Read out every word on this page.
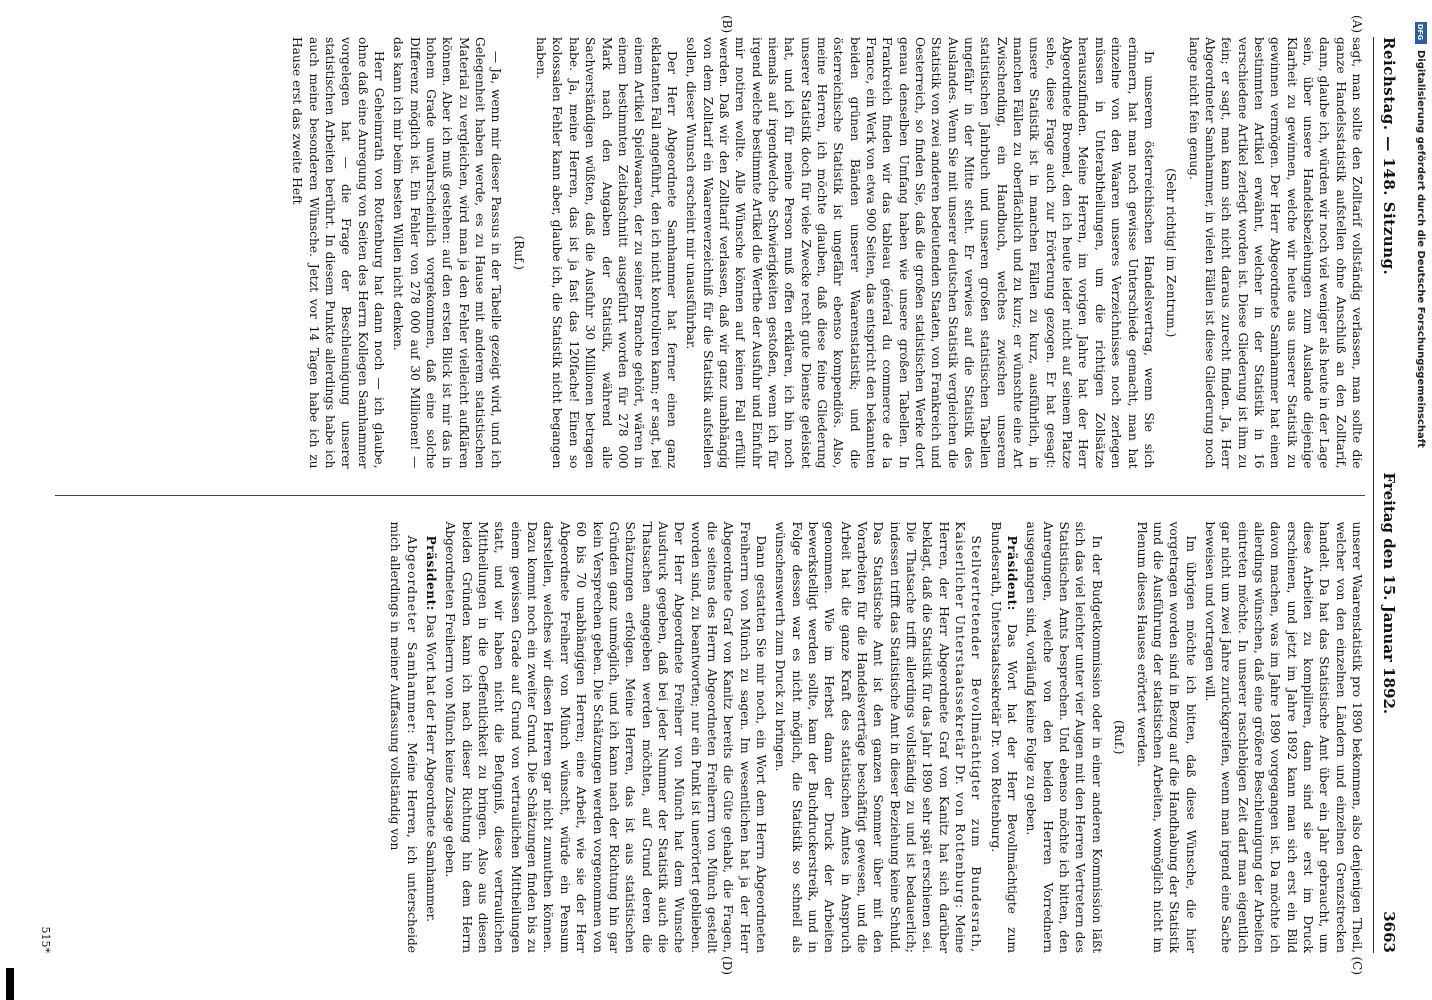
Reichstag. — 148. Sitzung.
Freitag den 15. Januar 1892.
3663
(A)
(B)

sagt, man sollte den Zolltarif vollständig verlassen, man sollte die ganze Handelsstatistik aufstellen ohne Anschluß an den Zolltarif, dann, glaube ich, würden wir noch viel weniger als heute in der Lage sein, über unsere Handelsbeziehungen zum Auslande diejenige Klarheit zu gewinnen, welche wir heute aus unserer Statistik zu gewinnen vermögen. Der Herr Abgeordnete Samhammer hat einen bestimmten Artikel erwähnt, welcher in der Statistik in 16 verschiedene Artikel zerlegt worden ist. Diese Gliederung ist ihm zu fein; er sagt, man kann sich nicht daraus zurecht finden. Ja, Herr Abgeordneter Samhammer, in vielen Fällen ist diese Gliederung noch lange nicht fein genug.

(Sehr richtig! im Zentrum.)

In unserem österreichischen Handelsvertrag, wenn Sie sich erinnern, hat man noch gewisse Unterschiede gemacht, man hat einzelne von den Waaren unseres Verzeichnisses noch zerlegen müssen in Unterabtheilungen, um die richtigen Zollsätze herauszufinden. Meine Herren, im vorigen Jahre hat der Herr Abgeordnete Broemel, den ich heute leider nicht auf seinem Platze sehe, diese Frage auch zur Erörterung gezogen. Er hat gesagt: unsere Statistik ist in manchen Fällen zu kurz, ausführlich, in manchen Fällen zu oberflächlich und zu kurz; er wünschte eine Art Zwischending, ein Handbuch, welches zwischen unserem statistischen Jahrbuch und unseren großen statistischen Tabellen ungefähr in der Mitte steht. Er verwies auf die Statistik des Auslandes. Wenn Sie mit unserer deutschen Statistik vergleichen die Statistik von zwei anderen bedeutenden Staaten, von Frankreich und Oesterreich, so finden Sie, daß die großen statistischen Werke dort genau denselben Umfang haben wie unsere großen Tabellen. In Frankreich finden wir das tableau général du commerce de la France, ein Werk von etwa 900 Seiten, das entspricht den bekannten beiden grünen Bänden unserer Waarenstatistik; und die österreichische Statistik ist ungefähr ebenso kompendiös. Also, meine Herren, ich möchte glauben, daß diese feine Gliederung unserer Statistik doch für viele Zwecke recht gute Dienste geleistet hat, und ich für meine Person muß offen erklären, ich bin noch niemals auf irgendwelche Schwierigkeiten gestoßen, wenn ich für irgend welche bestimmte Artikel die Werthe der Ausfuhr und Einfuhr mir notiren wollte. Alle Wünsche können auf keinen Fall erfüllt werden. Daß wir den Zolltarif verlassen, daß wir ganz unabhängig von dem Zolltarif ein Waarenverzeichniß für die Statistik aufstellen sollen, dieser Wunsch erscheint mir unausführbar.

Der Herr Abgeordnete Samhammer hat ferner einen ganz eklatanten Fall angeführt, den ich nicht kontroliren kann; er sagt, bei einem Artikel Spielwaaren, der zu seiner Branche gehört, wären in einem bestimmten Zeitabschnitt ausgeführt worden für 278 000 Mark nach den Angaben der Statistik, während alle Sachverständigen wüßten, daß die Ausfuhr 30 Millionen betragen habe. Ja, meine Herren, das ist ja fast das 120fache! Einen so kolossalen Fehler kann aber, glaube ich, die Statistik nicht begangen haben.

(Ruf.)

— Ja, wenn mir dieser Passus in der Tabelle gezeigt wird, und ich Gelegenheit haben werde, es zu Hause mit anderem statistischen Material zu vergleichen, wird man ja den Fehler vielleicht aufklären können. Aber ich muß gestehen: auf den ersten Blick ist mir das in hohem Grade unwahrscheinlich vorgekommen, daß eine solche Differenz möglich ist. Ein Fehler von 278 000 auf 30 Millionen! — das kann ich mir beim besten Willen nicht denken.

Herr Geheimrath von Rottenburg hat dann noch — ich glaube, ohne daß eine Anregung von Seiten des Herrn Kollegen Samhammer vorgelegen hat — die Frage der Beschleunigung unserer statistischen Arbeiten berührt. In diesem Punkte allerdings habe ich auch meine besonderen Wünsche. Jetzt vor 14 Tagen habe ich zu Hause erst das zweite Heft

(C)
(D)

unserer Waarenstatistik pro 1890 bekommen, also denjenigen Theil, welcher von den einzelnen Ländern und einzelnen Grenzstrecken handelt. Da hat das Statistische Amt über ein Jahr gebraucht, um diese Arbeiten zu kompiliren, dann sind sie erst im Druck erschienen, und jetzt im Jahre 1892 kann man sich erst ein Bild davon machen, was im Jahre 1890 vorgegangen ist. Da möchte ich allerdings wünschen, daß eine größere Beschleunigung der Arbeiten eintreten möchte. In unserer raschlebigen Zeit darf man eigentlich gar nicht um zwei Jahre zurückgreifen, wenn man irgend eine Sache beweisen und vortragen will.

Im übrigen möchte ich bitten, daß diese Wünsche, die hier vorgetragen worden sind in Bezug auf die Handhabung der Statistik und die Ausführung der statistischen Arbeiten, womöglich nicht im Plenum dieses Hauses erörtert werden.

(Ruf.)

In der Budgetkommission oder in einer anderen Kommission läßt sich das viel leichter unter vier Augen mit den Herren Vertretern des Statistischen Amts besprechen. Und ebenso möchte ich bitten, den Anregungen, welche von den beiden Herren Vorrednern ausgegangen sind, vorläufig keine Folge zu geben.

Präsident: Das Wort hat der Herr Bevollmächtigte zum Bundesrath, Unterstaatssekretär Dr. von Rottenburg.

Stellvertretender Bevollmächtigter zum Bundesrath, Kaiserlicher Unterstaatssekretär Dr. von Rottenburg: Meine Herren, der Herr Abgeordnete Graf von Kanitz hat sich darüber beklagt, daß die Statistik für das Jahr 1890 sehr spät erschienen sei. Die Thatsache trifft allerdings vollständig zu und ist bedauerlich; indessen trifft das Statistische Amt in dieser Beziehung keine Schuld. Das Statistische Amt ist den ganzen Sommer über mit den Vorarbeiten für die Handelsverträge beschäftigt gewesen, und die Arbeit hat die ganze Kraft des statistischen Amtes in Anspruch genommen. Wie im Herbst dann der Druck der Arbeiten bewerkstelligt werden sollte, kam der Buchdruckerstreik, und in Folge dessen war es nicht möglich, die Statistik so schnell als wünschenswerth zum Druck zu bringen.

Dann gestatten Sie mir noch, ein Wort dem Herrn Abgeordneten Freiherrn von Münch zu sagen. Im wesentlichen hat ja der Herr Abgeordnete Graf von Kanitz bereits die Güte gehabt, die Fragen, die seitens des Herrn Abgeordneten Freiherrn von Münch gestellt worden sind, zu beantworten; nur ein Punkt ist unerörtert geblieben. Der Herr Abgeordnete Freiherr von Münch hat dem Wunsche Ausdruck gegeben, daß bei jeder Nummer der Statistik auch die Thatsachen angegeben werden möchten, auf Grund deren die Schätzungen erfolgen. Meine Herren, das ist aus statistischen Gründen ganz unmöglich, und ich kann nach der Richtung hin gar kein Versprechen geben. Die Schätzungen werden vorgenommen von 60 bis 70 unabhängigen Herren; eine Arbeit, wie sie der Herr Abgeordnete Freiherr von Münch wünscht, würde ein Pensum darstellen, welches wir diesen Herren gar nicht zumuthen können. Dazu kommt noch ein zweiter Grund. Die Schätzungen finden bis zu einem gewissen Grade auf Grund von vertraulichen Mittheilungen statt, und wir haben nicht die Befugniß, diese vertraulichen Mittheilungen in die Oeffentlichkeit zu bringen. Also aus diesen beiden Gründen kann ich nach dieser Richtung hin dem Herrn Abgeordneten Freiherrn von Münch keine Zusage geben.

Präsident: Das Wort hat der Herr Abgeordnete Samhammer.

Abgeordneter Samhammer: Meine Herren, ich unterscheide mich allerdings in meiner Auffassung vollständig von

515*
DFG
Digitalisierung gefördert durch die Deutsche Forschungsgemeinschaft
